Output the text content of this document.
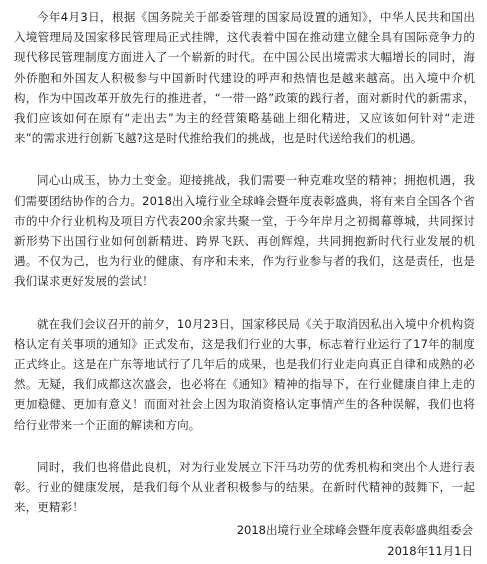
今年4月3日，根据《国务院关于部委管理的国家局设置的通知》，中华人民共和国出入境管理局及国家移民管理局正式挂牌，这代表着中国在推动建立健全具有国际竞争力的现代移民管理制度方面进入了一个崭新的时代。在中国公民出境需求大幅增长的同时，海外侨胞和外国友人积极参与中国新时代建设的呼声和热情也是越来越高。出入境中介机构，作为中国改革开放先行的推进者，“一带一路”政策的践行者，面对新时代的新需求，我们应该如何在原有“走出去”为主的经营策略基础上细化精进，又应该如何针对“走进来”的需求进行创新飞越?这是时代推给我们的挑战，也是时代送给我们的机遇。

同心山成玉，协力土变金。迎接挑战，我们需要一种克难攻坚的精神；拥抱机遇，我们需要团结协作的合力。2018出入境行业全球峰会暨年度表彰盛典，将有来自全国各个省市的中介行业机构及项目方代表200余家共聚一堂，于今年岸月之初揭幕尊城，共同探讨新形势下出国行业如何创新精进、跨界飞跃、再创辉煌，共同拥抱新时代行业发展的机遇。不仅为己，也为行业的健康、有序和未来，作为行业参与者的我们，这是责任，也是我们谋求更好发展的尝试！

就在我们会议召开的前夕，10月23日，国家移民局《关于取消因私出入境中介机构资格认定有关事项的通知》正式发布，这是我们行业的大事，标志着行业运行了17年的制度正式终止。这是在广东等地试行了几年后的成果，也是我们行业走向真正自律和成熟的必然。无疑，我们成都这次盛会，也必将在《通知》精神的指导下，在行业健康自律上走的更加稳健、更加有意义！而面对社会上因为取消资格认定事情产生的各种误解，我们也将给行业带来一个正面的解读和方向。

同时，我们也将借此良机，对为行业发展立下汗马功劳的优秀机构和突出个人进行表彰。行业的健康发展，是我们每个从业者积极参与的结果。在新时代精神的鼓舞下，一起来，更精彩！

2018出境行业全球峰会暨年度表彰盛典组委会
2018年11月1日
